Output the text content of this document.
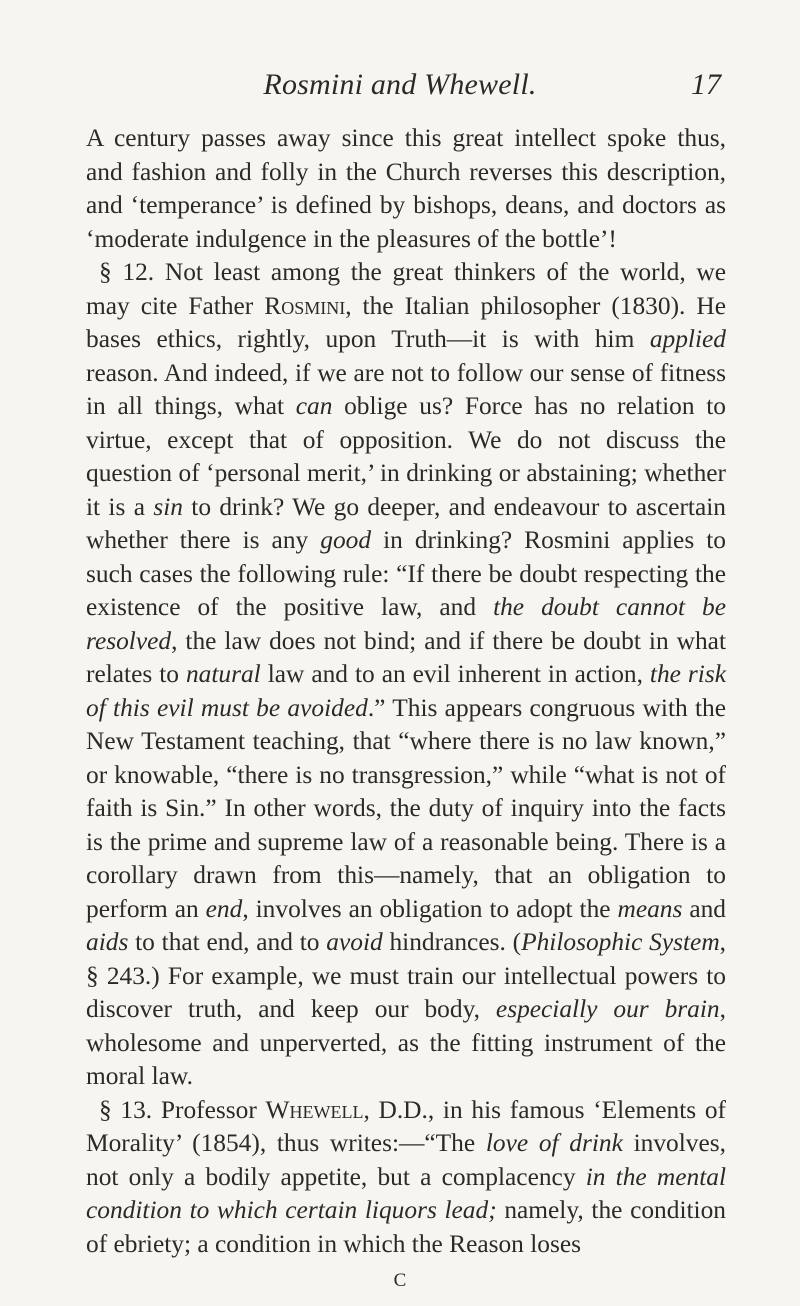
Rosmini and Whewell.	17

A century passes away since this great intellect spoke thus, and fashion and folly in the Church reverses this description, and ‘temperance’ is defined by bishops, deans, and doctors as ‘moderate indulgence in the pleasures of the bottle’!

§ 12. Not least among the great thinkers of the world, we may cite Father Rosmini, the Italian philosopher (1830). He bases ethics, rightly, upon Truth—it is with him applied reason. And indeed, if we are not to follow our sense of fitness in all things, what can oblige us? Force has no relation to virtue, except that of opposition. We do not discuss the question of ‘personal merit,’ in drinking or abstaining; whether it is a sin to drink? We go deeper, and endeavour to ascertain whether there is any good in drinking? Rosmini applies to such cases the following rule: “If there be doubt respecting the existence of the positive law, and the doubt cannot be resolved, the law does not bind; and if there be doubt in what relates to natural law and to an evil inherent in action, the risk of this evil must be avoided.” This appears congruous with the New Testament teaching, that “where there is no law known,” or knowable, “there is no transgression,” while “what is not of faith is Sin.” In other words, the duty of inquiry into the facts is the prime and supreme law of a reasonable being. There is a corollary drawn from this—namely, that an obligation to perform an end, involves an obligation to adopt the means and aids to that end, and to avoid hindrances. (Philosophic System, § 243.) For example, we must train our intellectual powers to discover truth, and keep our body, especially our brain, wholesome and unperverted, as the fitting instrument of the moral law.

§ 13. Professor Whewell, D.D., in his famous ‘Elements of Morality’ (1854), thus writes:—“The love of drink involves, not only a bodily appetite, but a complacency in the mental condition to which certain liquors lead; namely, the condition of ebriety; a condition in which the Reason loses

C
